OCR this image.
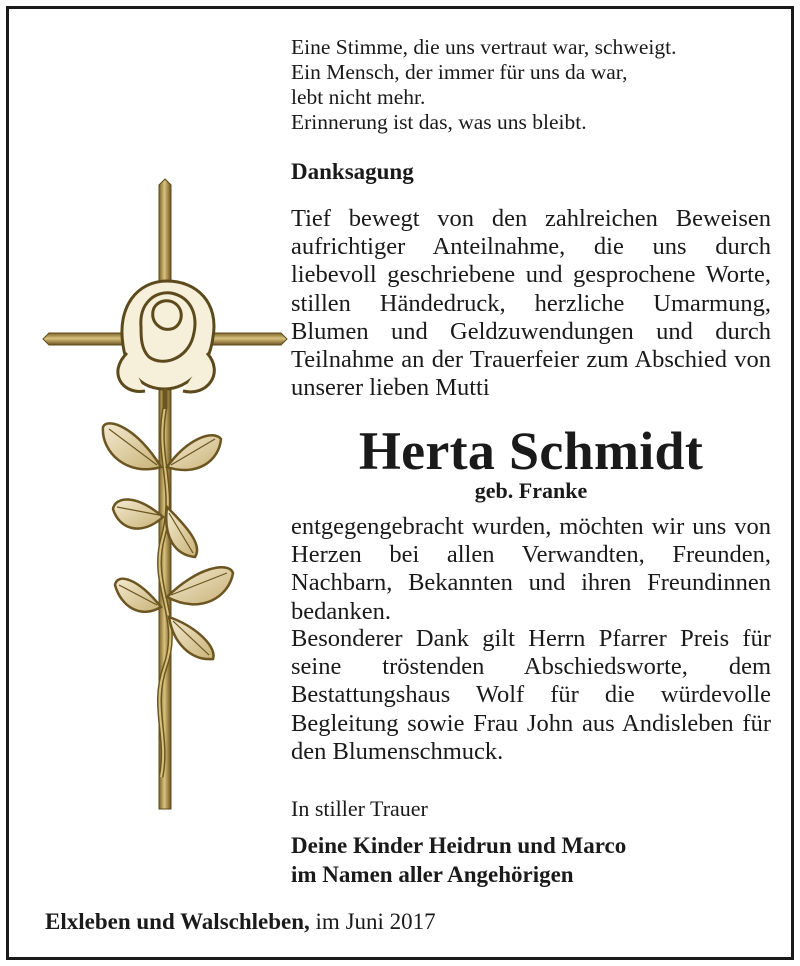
Eine Stimme, die uns vertraut war, schweigt.
Ein Mensch, der immer für uns da war,
lebt nicht mehr.
Erinnerung ist das, was uns bleibt.
Danksagung
Tief bewegt von den zahlreichen Beweisen aufrichtiger Anteilnahme, die uns durch liebevoll geschriebene und gesprochene Worte, stillen Händedruck, herzliche Umarmung, Blumen und Geldzuwendungen und durch Teilnahme an der Trauerfeier zum Abschied von unserer lieben Mutti
Herta Schmidt
geb. Franke
entgegengebracht wurden, möchten wir uns von Herzen bei allen Verwandten, Freunden, Nachbarn, Bekannten und ihren Freundinnen bedanken.
Besonderer Dank gilt Herrn Pfarrer Preis für seine tröstenden Abschiedsworte, dem Bestattungshaus Wolf für die würdevolle Begleitung sowie Frau John aus Andisleben für den Blumenschmuck.
In stiller Trauer
Deine Kinder Heidrun und Marco
im Namen aller Angehörigen
Elxleben und Walschleben, im Juni 2017
